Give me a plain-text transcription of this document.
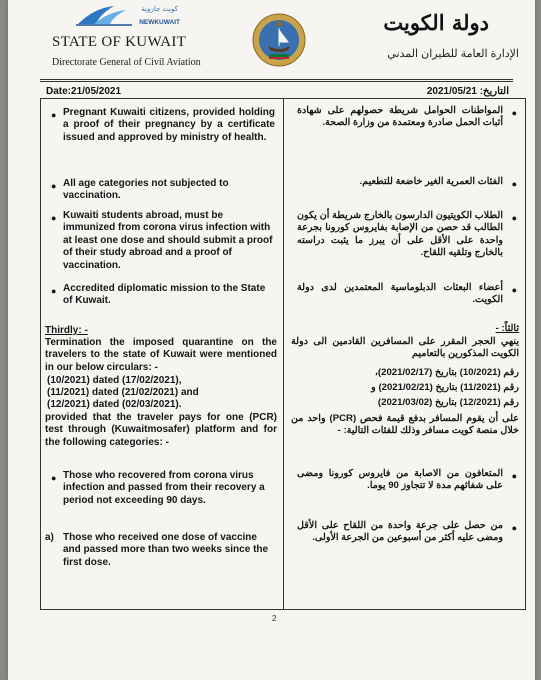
كويت جازوية
NEWKUWAIT
STATE OF KUWAIT
Directorate General of Civil Aviation
دولة الكويت
الإدارة العامة للطيران المدني
Date:21/05/2021	التاريخ: 2021/05/21
● Pregnant Kuwaiti citizens, provided holding a proof of their pregnancy by a certificate issued and approved by ministry of health.

● All age categories not subjected to vaccination.

● Kuwaiti students abroad, must be immunized from corona virus infection with at least one dose and should submit a proof of their study abroad and a proof of vaccination.

● Accredited diplomatic mission to the State of Kuwait.

Thirdly: -

Termination the imposed quarantine on the travelers to the state of Kuwait were mentioned in our below circulars: -

(10/2021) dated (17/02/2021),

(11/2021) dated (21/02/2021) and

(12/2021) dated (02/03/2021).

provided that the traveler pays for one (PCR) test through (Kuwaitmosafer) platform and for the following categories: -

● Those who recovered from corona virus infection and passed from their recovery a period not exceeding 90 days.

a) Those who received one dose of vaccine and passed more than two weeks since the first dose.

●

المواطنات الحوامل شريطة حصولهم على شهادة أثبات الحمل صادرة ومعتمدة من وزارة الصحة.

●

الفئات العمرية الغير خاضعة للتطعيم.

●

الطلاب الكويتيون الدارسون بالخارج شريطة أن يكون الطالب قد حصن من الإصابة بفايروس كورونا بجرعة واحدة على الأقل على أن يبرز ما يثبت دراسته بالخارج وتلقيه اللقاح.

●

أعضاء البعثات الدبلوماسية المعتمدين لدى دولة الكويت.

ثالثاً: -

ينهي الحجر المقرر على المسافرين القادمين الى دولة الكويت المذكورين بالتعاميم

رقم (10/2021) بتاريخ (2021/02/17)،

رقم (11/2021) بتاريخ (2021/02/21) و

رقم (12/2021) بتاريخ (2021/03/02)

على أن يقوم المسافر بدفع قيمة فحص (PCR) واحد من خلال منصة كويت مسافر وذلك للفئات التالية: -

●

المتعافون من الاصابة من فايروس كورونا ومضى على شفائهم مدة لا تتجاوز 90 يوما.

●

من حصل على جرعة واحدة من اللقاح على الأقل ومضى عليه أكثر من أسبوعين من الجرعة الأولى.

2
